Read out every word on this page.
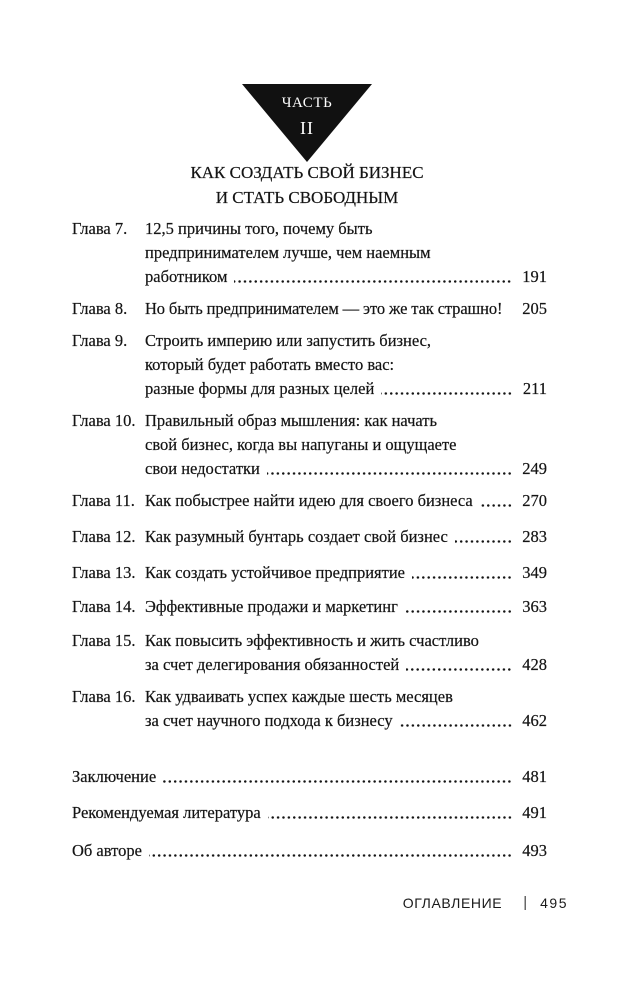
ЧАСТЬ
II
КАК СОЗДАТЬ СВОЙ БИЗНЕС
И СТАТЬ СВОБОДНЫМ
Глава 7.	12,5 причины того, почему быть
предпринимателем лучше, чем наемным
работником	191
Глава 8.	Но быть предпринимателем — это же так страшно! 205
Глава 9.	Строить империю или запустить бизнес,
который будет работать вместо вас:
разные формы для разных целей	211
Глава 10. Правильный образ мышления: как начать
свой бизнес, когда вы напуганы и ощущаете
свои недостатки	249
Глава 11. Как побыстрее найти идею для своего бизнеса	270
Глава 12. Как разумный бунтарь создает свой бизнес	283
Глава 13. Как создать устойчивое предприятие	349
Глава 14. Эффективные продажи и маркетинг	363
Глава 15. Как повысить эффективность и жить счастливо
за счет делегирования обязанностей	428
Глава 16. Как удваивать успех каждые шесть месяцев
за счет научного подхода к бизнесу	462
Заключение	481
Рекомендуемая литература	491
Об авторе	493
ОГЛАВЛЕНИЕ | 495
